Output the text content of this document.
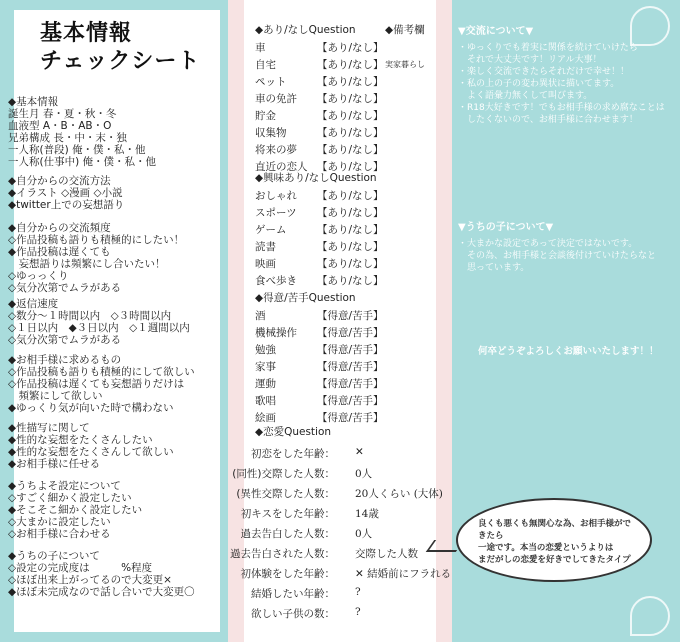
基本情報
チェックシート
◆基本情報
誕生月 春・夏・秋・冬
血液型 A・B・AB・O
兄弟構成 長・中・末・独
一人称(普段) 俺・僕・私・他
一人称(仕事中) 俺・僕・私・他
◆自分からの交流方法
◆イラスト ◇漫画 ◇小説
◆twitter上での妄想語り
◆自分からの交流頻度
◇作品投稿も語りも積極的にしたい！
◆作品投稿は遅くても
　妄想語りは頻繁にし合いたい！
◇ゆっっくり
◇気分次第でムラがある
◆返信速度
◇数分～１時間以内　◇３時間以内
◇１日以内　◆３日以内　◇１週間以内
◇気分次第でムラがある
◆お相手様に求めるもの
◇作品投稿も語りも積極的にして欲しい
◇作品投稿は遅くても妄想語りだけは
　頻繁にして欲しい
◆ゆっくり気が向いた時で構わない
◆性描写に関して
◆性的な妄想をたくさんしたい
◆性的な妄想をたくさんして欲しい
◆お相手様に任せる
◆うちよそ設定について
◇すごく細かく設定したい
◆そこそこ細かく設定したい
◇大まかに設定したい
◇お相手様に合わせる
◆うちの子について
◇設定の完成度は　　　%程度
◇ほぼ出来上がってるので大変更×
◆ほぼ未完成なので話し合いで大変更〇
◆あり/なしQuestion	◆備考欄
車	【あり/なし】
自宅	【あり/なし】 実家暮らし
ペット	【あり/なし】
車の免許 【あり/なし】
貯金	【あり/なし】
収集物	【あり/なし】
将来の夢 【あり/なし】
直近の恋人 【あり/なし】
◆興味あり/なしQuestion
おしゃれ 【あり/なし】
スポーツ 【あり/なし】
ゲーム	【あり/なし】
読書	【あり/なし】
映画	【あり/なし】
食べ歩き 【あり/なし】
◆得意/苦手Question
酒	【得意/苦手】
機械操作 【得意/苦手】
勉強	【得意/苦手】
家事	【得意/苦手】
運動	【得意/苦手】
歌唱	【得意/苦手】
絵画	【得意/苦手】
◆恋愛Question
初恋をした年齢： ✕
(同性)交際した人数： 0人
(異性交際した人数： 20人くらい (大体)
初キスをした年齢： 14歳
過去告白した人数： 0人
過去告白された人数： 交際した人数
初体験をした年齢： ✕ 結婚前にフラれる
結婚したい年齢： ?
欲しい子供の数： ?
▼交流について▼

・ゆっくりでも着実に関係を続けていけたら

　それで大丈夫です！リアル大事！

・楽しく交流できたらそれだけで幸せ！！

・私の上の子の変わ異状に描いてます。

　よく語彙力無くして叫びます。

・R18大好きです！でもお相手様の求め腐なことは

　したくないので、お相手様に合わせます！

▼うちの子について▼

・大まかな設定であって決定ではないです。

　その為、お相手様と会談後付けていけたらなと

　思っています。

何卒どうぞよろしくお願いいたします！！

良くも悪くも無関心な為、お相手様ができたら

一途です。本当の恋愛というよりは

まだがしの恋愛を好きでしてきたタイプ
